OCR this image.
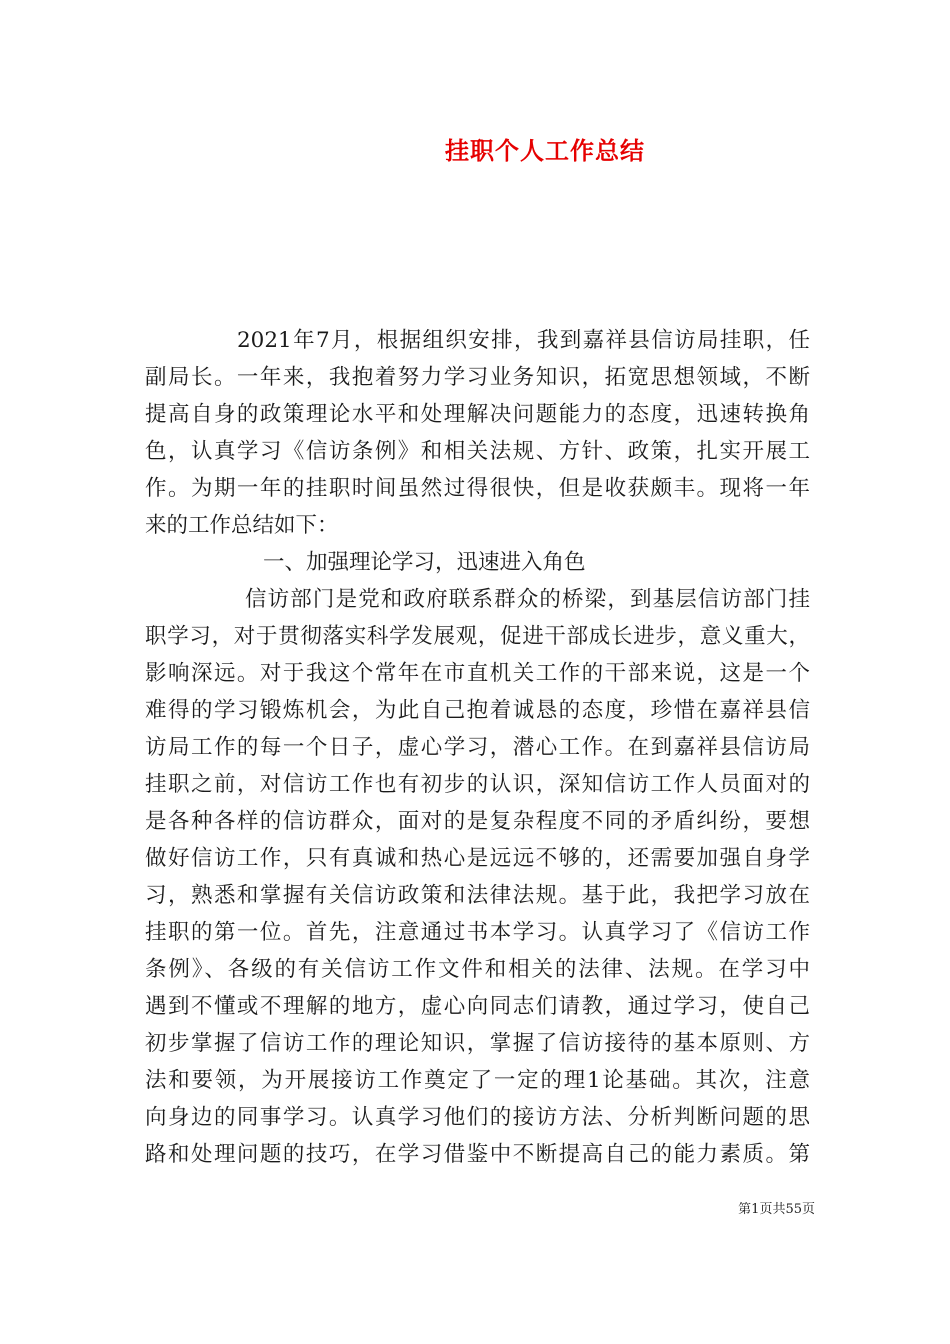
挂职个人工作总结
2021年7月，根据组织安排，我到嘉祥县信访局挂职，任
副局长。一年来，我抱着努力学习业务知识，拓宽思想领域，不断
提高自身的政策理论水平和处理解决问题能力的态度，迅速转换角
色，认真学习《信访条例》和相关法规、方针、政策，扎实开展工
作。为期一年的挂职时间虽然过得很快，但是收获颇丰。现将一年
来的工作总结如下：
一、加强理论学习，迅速进入角色
信访部门是党和政府联系群众的桥梁，到基层信访部门挂
职学习，对于贯彻落实科学发展观，促进干部成长进步，意义重大，
影响深远。对于我这个常年在市直机关工作的干部来说，这是一个
难得的学习锻炼机会，为此自己抱着诚恳的态度，珍惜在嘉祥县信
访局工作的每一个日子，虚心学习，潜心工作。在到嘉祥县信访局
挂职之前，对信访工作也有初步的认识，深知信访工作人员面对的
是各种各样的信访群众，面对的是复杂程度不同的矛盾纠纷，要想
做好信访工作，只有真诚和热心是远远不够的，还需要加强自身学
习，熟悉和掌握有关信访政策和法律法规。基于此，我把学习放在
挂职的第一位。首先，注意通过书本学习。认真学习了《信访工作
条例》、各级的有关信访工作文件和相关的法律、法规。在学习中
遇到不懂或不理解的地方，虚心向同志们请教，通过学习，使自己
初步掌握了信访工作的理论知识，掌握了信访接待的基本原则、方
法和要领，为开展接访工作奠定了一定的理1论基础。其次，注意
向身边的同事学习。认真学习他们的接访方法、分析判断问题的思
路和处理问题的技巧，在学习借鉴中不断提高自己的能力素质。第
第1页共55页
